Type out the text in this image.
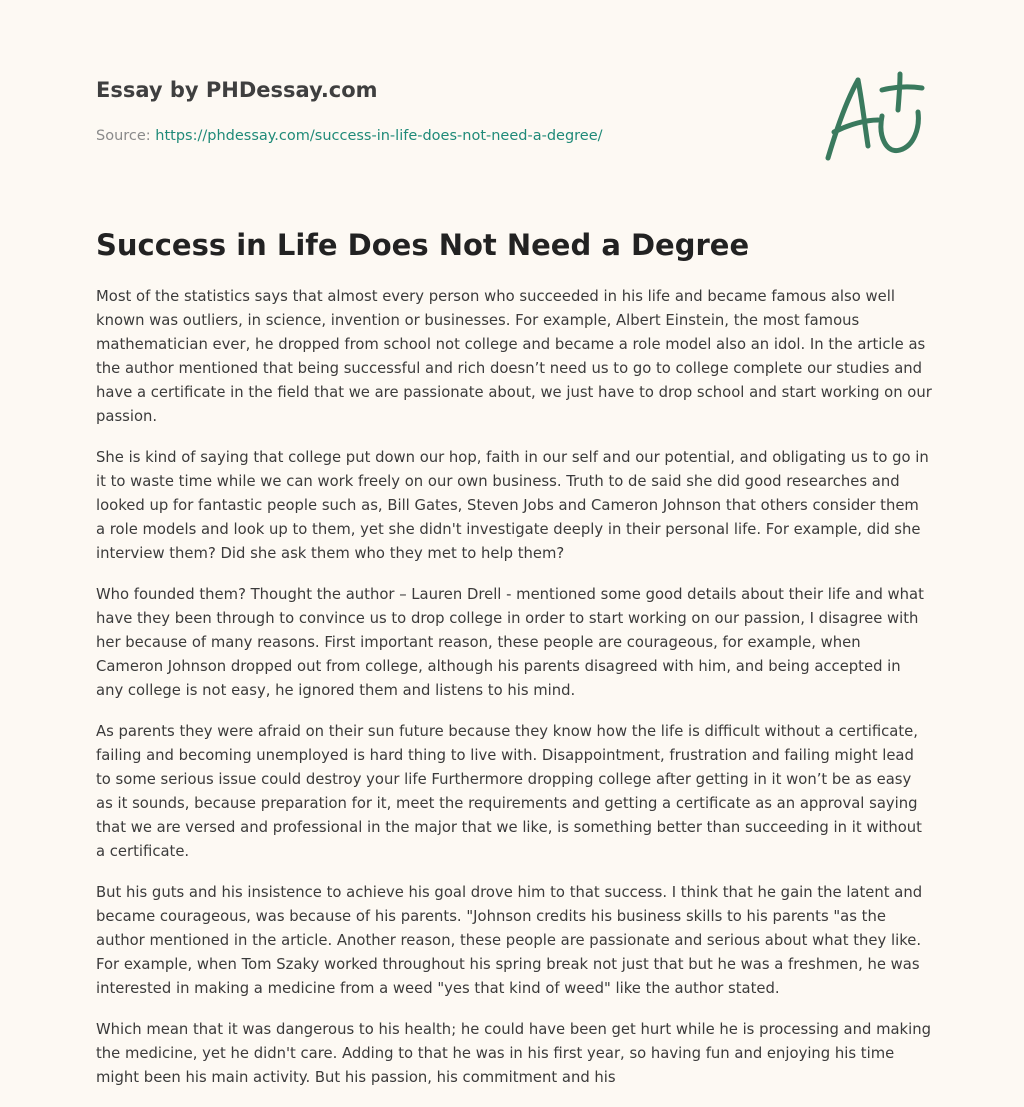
Essay by PHDessay.com
Source: https://phdessay.com/success-in-life-does-not-need-a-degree/
Success in Life Does Not Need a Degree

Most of the statistics says that almost every person who succeeded in his life and became famous also well known was outliers, in science, invention or businesses. For example, Albert Einstein, the most famous mathematician ever, he dropped from school not college and became a role model also an idol. In the article as the author mentioned that being successful and rich doesn’t need us to go to college complete our studies and have a certificate in the field that we are passionate about, we just have to drop school and start working on our passion.

She is kind of saying that college put down our hop, faith in our self and our potential, and obligating us to go in it to waste time while we can work freely on our own business. Truth to de said she did good researches and looked up for fantastic people such as, Bill Gates, Steven Jobs and Cameron Johnson that others consider them a role models and look up to them, yet she didn't investigate deeply in their personal life. For example, did she interview them? Did she ask them who they met to help them?

Who founded them? Thought the author – Lauren Drell - mentioned some good details about their life and what have they been through to convince us to drop college in order to start working on our passion, I disagree with her because of many reasons. First important reason, these people are courageous, for example, when Cameron Johnson dropped out from college, although his parents disagreed with him, and being accepted in any college is not easy, he ignored them and listens to his mind.

As parents they were afraid on their sun future because they know how the life is difficult without a certificate, failing and becoming unemployed is hard thing to live with. Disappointment, frustration and failing might lead to some serious issue could destroy your life Furthermore dropping college after getting in it won’t be as easy as it sounds, because preparation for it, meet the requirements and getting a certificate as an approval saying that we are versed and professional in the major that we like, is something better than succeeding in it without a certificate.

But his guts and his insistence to achieve his goal drove him to that success. I think that he gain the latent and became courageous, was because of his parents. "Johnson credits his business skills to his parents "as the author mentioned in the article. Another reason, these people are passionate and serious about what they like. For example, when Tom Szaky worked throughout his spring break not just that but he was a freshmen, he was interested in making a medicine from a weed "yes that kind of weed" like the author stated.

Which mean that it was dangerous to his health; he could have been get hurt while he is processing and making the medicine, yet he didn't care. Adding to that he was in his first year, so having fun and enjoying his time might been his main activity. But his passion, his commitment and his
